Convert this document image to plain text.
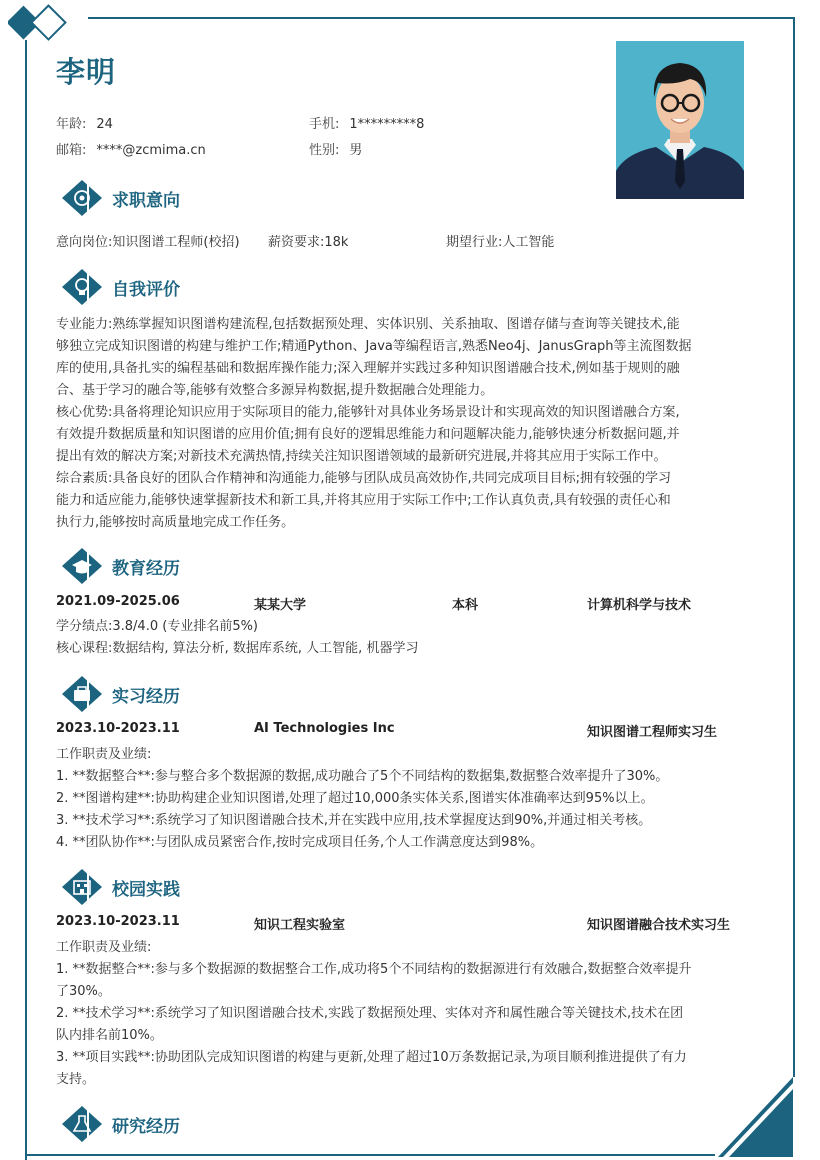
李明
年龄: 24	手机: 1*********8
邮箱: ****@zcmima.cn	性别: 男
求职意向
意向岗位:知识图谱工程师(校招) 薪资要求:18k	期望行业:人工智能
自我评价
专业能力:熟练掌握知识图谱构建流程,包括数据预处理、实体识别、关系抽取、图谱存储与查询等关键技术,能
够独立完成知识图谱的构建与维护工作;精通Python、Java等编程语言,熟悉Neo4j、JanusGraph等主流图数据
库的使用,具备扎实的编程基础和数据库操作能力;深入理解并实践过多种知识图谱融合技术,例如基于规则的融
合、基于学习的融合等,能够有效整合多源异构数据,提升数据融合处理能力。
核心优势:具备将理论知识应用于实际项目的能力,能够针对具体业务场景设计和实现高效的知识图谱融合方案,
有效提升数据质量和知识图谱的应用价值;拥有良好的逻辑思维能力和问题解决能力,能够快速分析数据问题,并
提出有效的解决方案;对新技术充满热情,持续关注知识图谱领域的最新研究进展,并将其应用于实际工作中。
综合素质:具备良好的团队合作精神和沟通能力,能够与团队成员高效协作,共同完成项目目标;拥有较强的学习
能力和适应能力,能够快速掌握新技术和新工具,并将其应用于实际工作中;工作认真负责,具有较强的责任心和
执行力,能够按时高质量地完成工作任务。
教育经历
2021.09-2025.06	某某大学	本科	计算机科学与技术
学分绩点:3.8/4.0 (专业排名前5%)
核心课程:数据结构, 算法分析, 数据库系统, 人工智能, 机器学习
实习经历
2023.10-2023.11	AI Technologies Inc	知识图谱工程师实习生
工作职责及业绩:
1. **数据整合**:参与整合多个数据源的数据,成功融合了5个不同结构的数据集,数据整合效率提升了30%。
2. **图谱构建**:协助构建企业知识图谱,处理了超过10,000条实体关系,图谱实体准确率达到95%以上。
3. **技术学习**:系统学习了知识图谱融合技术,并在实践中应用,技术掌握度达到90%,并通过相关考核。
4. **团队协作**:与团队成员紧密合作,按时完成项目任务,个人工作满意度达到98%。
校园实践
2023.10-2023.11	知识工程实验室	知识图谱融合技术实习生
工作职责及业绩:
1. **数据整合**:参与多个数据源的数据整合工作,成功将5个不同结构的数据源进行有效融合,数据整合效率提升
了30%。
2. **技术学习**:系统学习了知识图谱融合技术,实践了数据预处理、实体对齐和属性融合等关键技术,技术在团
队内排名前10%。
3. **项目实践**:协助团队完成知识图谱的构建与更新,处理了超过10万条数据记录,为项目顺利推进提供了有力
支持。
研究经历
